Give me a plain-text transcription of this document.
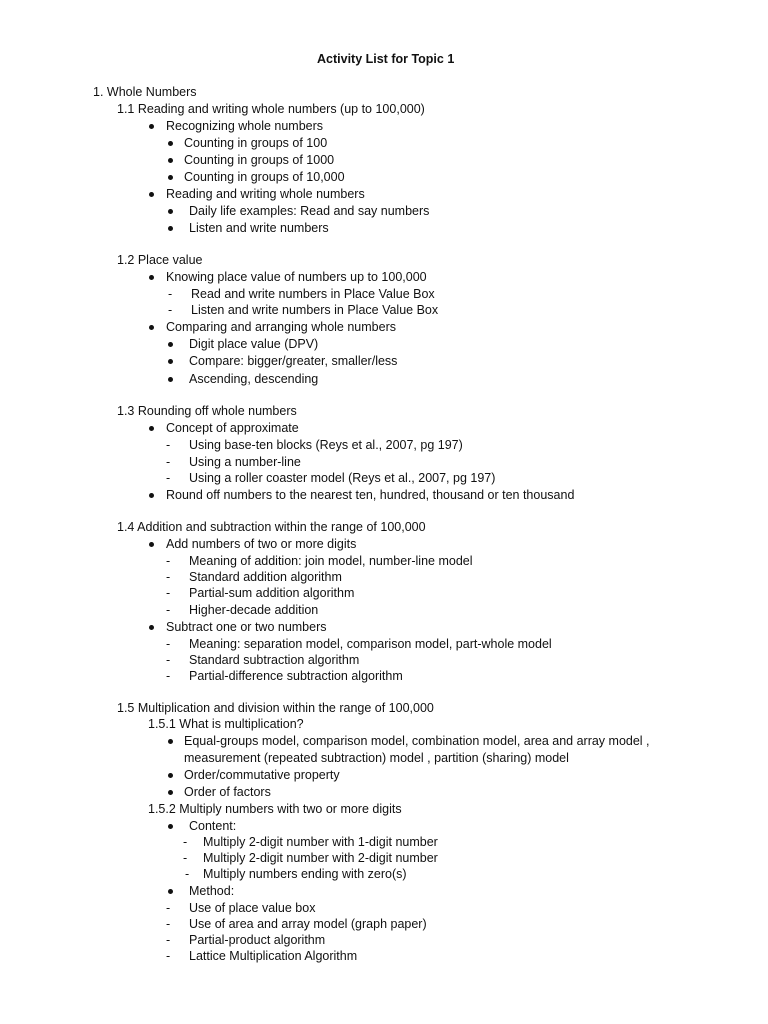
Activity List for Topic 1
1. Whole Numbers
1.1 Reading and writing whole numbers (up to 100,000)
Recognizing whole numbers
Counting in groups of 100
Counting in groups of 1000
Counting in groups of 10,000
Reading and writing whole numbers
Daily life examples: Read and say numbers
Listen and write numbers
1.2 Place value
Knowing place value of numbers up to 100,000
- Read and write numbers in Place Value Box
- Listen and write numbers in Place Value Box
Comparing and arranging whole numbers
Digit place value (DPV)
Compare: bigger/greater, smaller/less
Ascending, descending
1.3 Rounding off whole numbers
Concept of approximate
- Using base-ten blocks (Reys et al., 2007, pg 197)
- Using a number-line
- Using a roller coaster model (Reys et al., 2007, pg 197)
Round off numbers to the nearest ten, hundred, thousand or ten thousand
1.4 Addition and subtraction within the range of 100,000
Add numbers of two or more digits
- Meaning of addition: join model, number-line model
- Standard addition algorithm
- Partial-sum addition algorithm
- Higher-decade addition
Subtract one or two numbers
- Meaning: separation model, comparison model, part-whole model
- Standard subtraction algorithm
- Partial-difference subtraction algorithm
1.5 Multiplication and division within the range of 100,000
1.5.1 What is multiplication?
Equal-groups model, comparison model, combination model, area and array model ,
measurement (repeated subtraction) model , partition (sharing) model
Order/commutative property
Order of factors
1.5.2 Multiply numbers with two or more digits
Content:
- Multiply 2-digit number with 1-digit number
- Multiply 2-digit number with 2-digit number
- Multiply numbers ending with zero(s)
Method:
- Use of place value box
- Use of area and array model (graph paper)
- Partial-product algorithm
- Lattice Multiplication Algorithm
